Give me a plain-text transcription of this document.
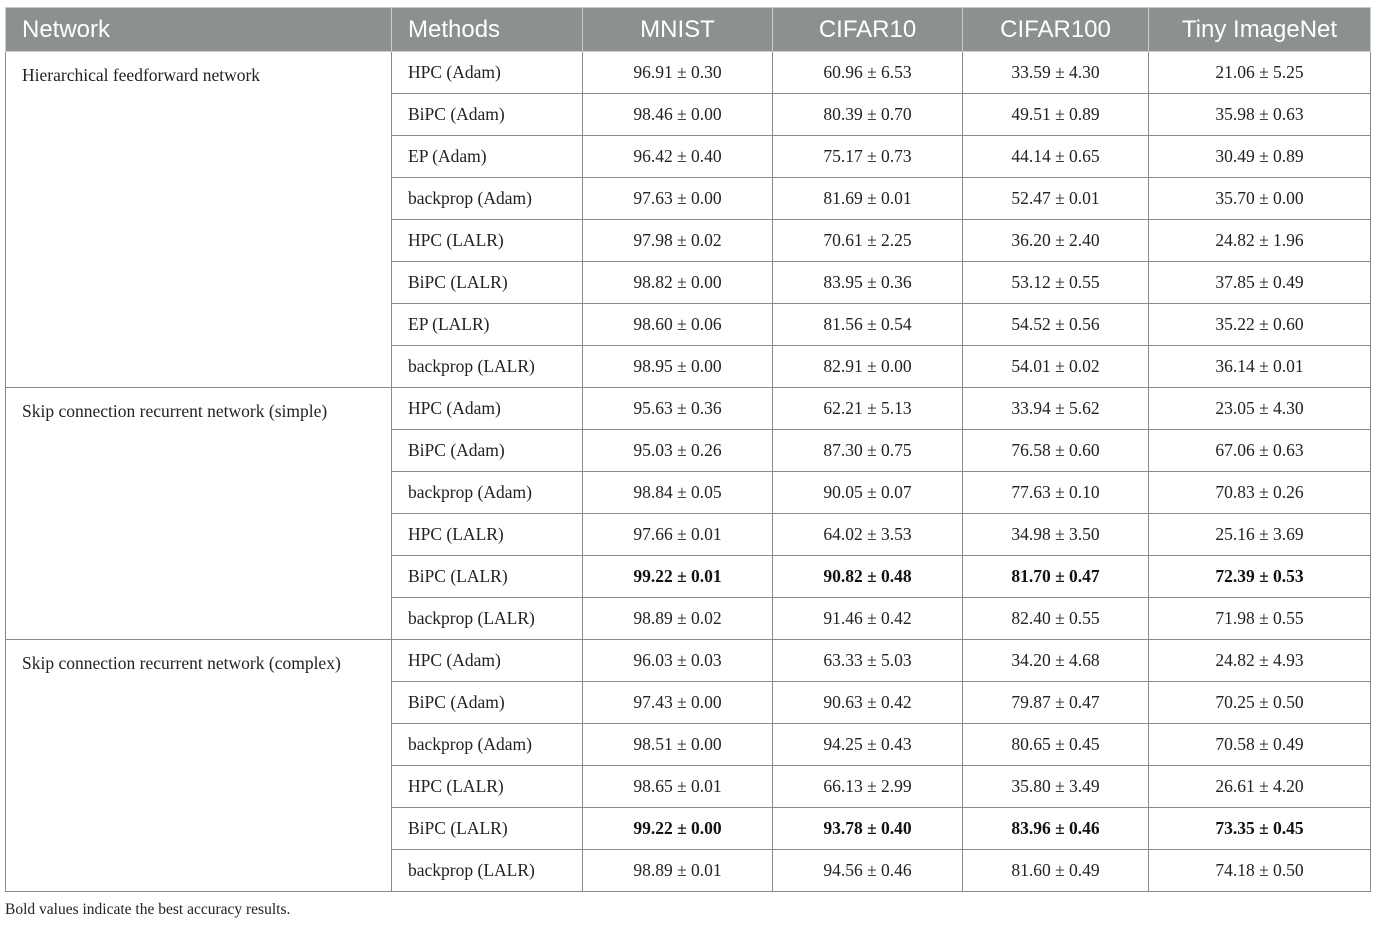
Network	Methods	MNIST	CIFAR10	CIFAR100	Tiny ImageNet
Hierarchical feedforward network	HPC (Adam)	96.91 ± 0.30	60.96 ± 6.53	33.59 ± 4.30	21.06 ± 5.25
	BiPC (Adam)	98.46 ± 0.00	80.39 ± 0.70	49.51 ± 0.89	35.98 ± 0.63
	EP (Adam)	96.42 ± 0.40	75.17 ± 0.73	44.14 ± 0.65	30.49 ± 0.89
	backprop (Adam)	97.63 ± 0.00	81.69 ± 0.01	52.47 ± 0.01	35.70 ± 0.00
	HPC (LALR)	97.98 ± 0.02	70.61 ± 2.25	36.20 ± 2.40	24.82 ± 1.96
	BiPC (LALR)	98.82 ± 0.00	83.95 ± 0.36	53.12 ± 0.55	37.85 ± 0.49
	EP (LALR)	98.60 ± 0.06	81.56 ± 0.54	54.52 ± 0.56	35.22 ± 0.60
	backprop (LALR)	98.95 ± 0.00	82.91 ± 0.00	54.01 ± 0.02	36.14 ± 0.01
Skip connection recurrent network (simple)	HPC (Adam)	95.63 ± 0.36	62.21 ± 5.13	33.94 ± 5.62	23.05 ± 4.30
	BiPC (Adam)	95.03 ± 0.26	87.30 ± 0.75	76.58 ± 0.60	67.06 ± 0.63
	backprop (Adam)	98.84 ± 0.05	90.05 ± 0.07	77.63 ± 0.10	70.83 ± 0.26
	HPC (LALR)	97.66 ± 0.01	64.02 ± 3.53	34.98 ± 3.50	25.16 ± 3.69
	BiPC (LALR)	99.22 ± 0.01	90.82 ± 0.48	81.70 ± 0.47	72.39 ± 0.53
	backprop (LALR)	98.89 ± 0.02	91.46 ± 0.42	82.40 ± 0.55	71.98 ± 0.55
Skip connection recurrent network (complex)	HPC (Adam)	96.03 ± 0.03	63.33 ± 5.03	34.20 ± 4.68	24.82 ± 4.93
	BiPC (Adam)	97.43 ± 0.00	90.63 ± 0.42	79.87 ± 0.47	70.25 ± 0.50
	backprop (Adam)	98.51 ± 0.00	94.25 ± 0.43	80.65 ± 0.45	70.58 ± 0.49
	HPC (LALR)	98.65 ± 0.01	66.13 ± 2.99	35.80 ± 3.49	26.61 ± 4.20
	BiPC (LALR)	99.22 ± 0.00	93.78 ± 0.40	83.96 ± 0.46	73.35 ± 0.45
	backprop (LALR)	98.89 ± 0.01	94.56 ± 0.46	81.60 ± 0.49	74.18 ± 0.50
Bold values indicate the best accuracy results.
